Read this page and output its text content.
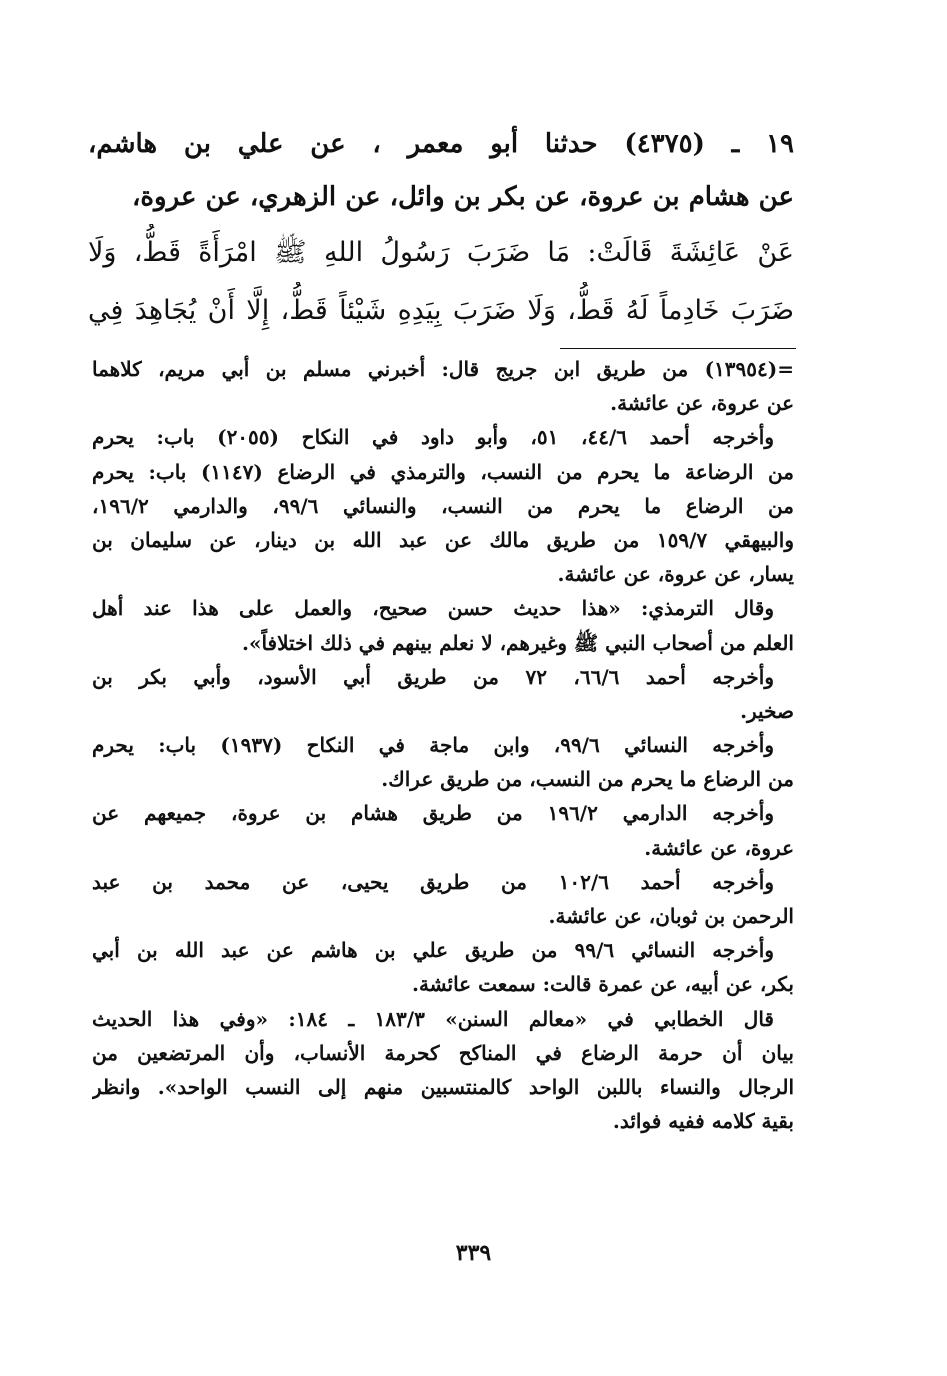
١٩ ـ (٤٣٧٥) حدثنا أبو معمر ، عن علي بن هاشم،
عن هشام بن عروة، عن بكر بن وائل، عن الزهري، عن عروة،
عَنْ عَائِشَةَ قَالَتْ: مَا ضَرَبَ رَسُولُ اللهِ ﷺ امْرَأَةً قَطُّ، وَلَا
ضَرَبَ خَادِماً لَهُ قَطُّ، وَلَا ضَرَبَ بِيَدِهِ شَيْئاً قَطُّ، إِلَّا أَنْ يُجَاهِدَ فِي
=(١٣٩٥٤) من طريق ابن جريج قال: أخبرني مسلم بن أبي مريم، كلاهما
عن عروة، عن عائشة.
وأخرجه أحمد ٤٤/٦، ٥١، وأبو داود في النكاح (٢٠٥٥) باب: يحرم
من الرضاعة ما يحرم من النسب، والترمذي في الرضاع (١١٤٧) باب: يحرم
من الرضاع ما يحرم من النسب، والنسائي ٩٩/٦، والدارمي ١٩٦/٢،
والبيهقي ١٥٩/٧ من طريق مالك عن عبد الله بن دينار، عن سليمان بن
يسار، عن عروة، عن عائشة.
وقال الترمذي: «هذا حديث حسن صحيح، والعمل على هذا عند أهل
العلم من أصحاب النبي ﷺ وغيرهم، لا نعلم بينهم في ذلك اختلافاً».
وأخرجه أحمد ٦٦/٦، ٧٢ من طريق أبي الأسود، وأبي بكر بن
صخير.
وأخرجه النسائي ٩٩/٦، وابن ماجة في النكاح (١٩٣٧) باب: يحرم
من الرضاع ما يحرم من النسب، من طريق عراك.
وأخرجه الدارمي ١٩٦/٢ من طريق هشام بن عروة، جميعهم عن
عروة، عن عائشة.
وأخرجه أحمد ١٠٢/٦ من طريق يحيى، عن محمد بن عبد
الرحمن بن ثوبان، عن عائشة.
وأخرجه النسائي ٩٩/٦ من طريق علي بن هاشم عن عبد الله بن أبي
بكر، عن أبيه، عن عمرة قالت: سمعت عائشة.
قال الخطابي في «معالم السنن» ١٨٣/٣ ـ ١٨٤: «وفي هذا الحديث
بيان أن حرمة الرضاع في المناكح كحرمة الأنساب، وأن المرتضعين من
الرجال والنساء باللبن الواحد كالمنتسبين منهم إلى النسب الواحد». وانظر
بقية كلامه ففيه فوائد.
٣٣٩
